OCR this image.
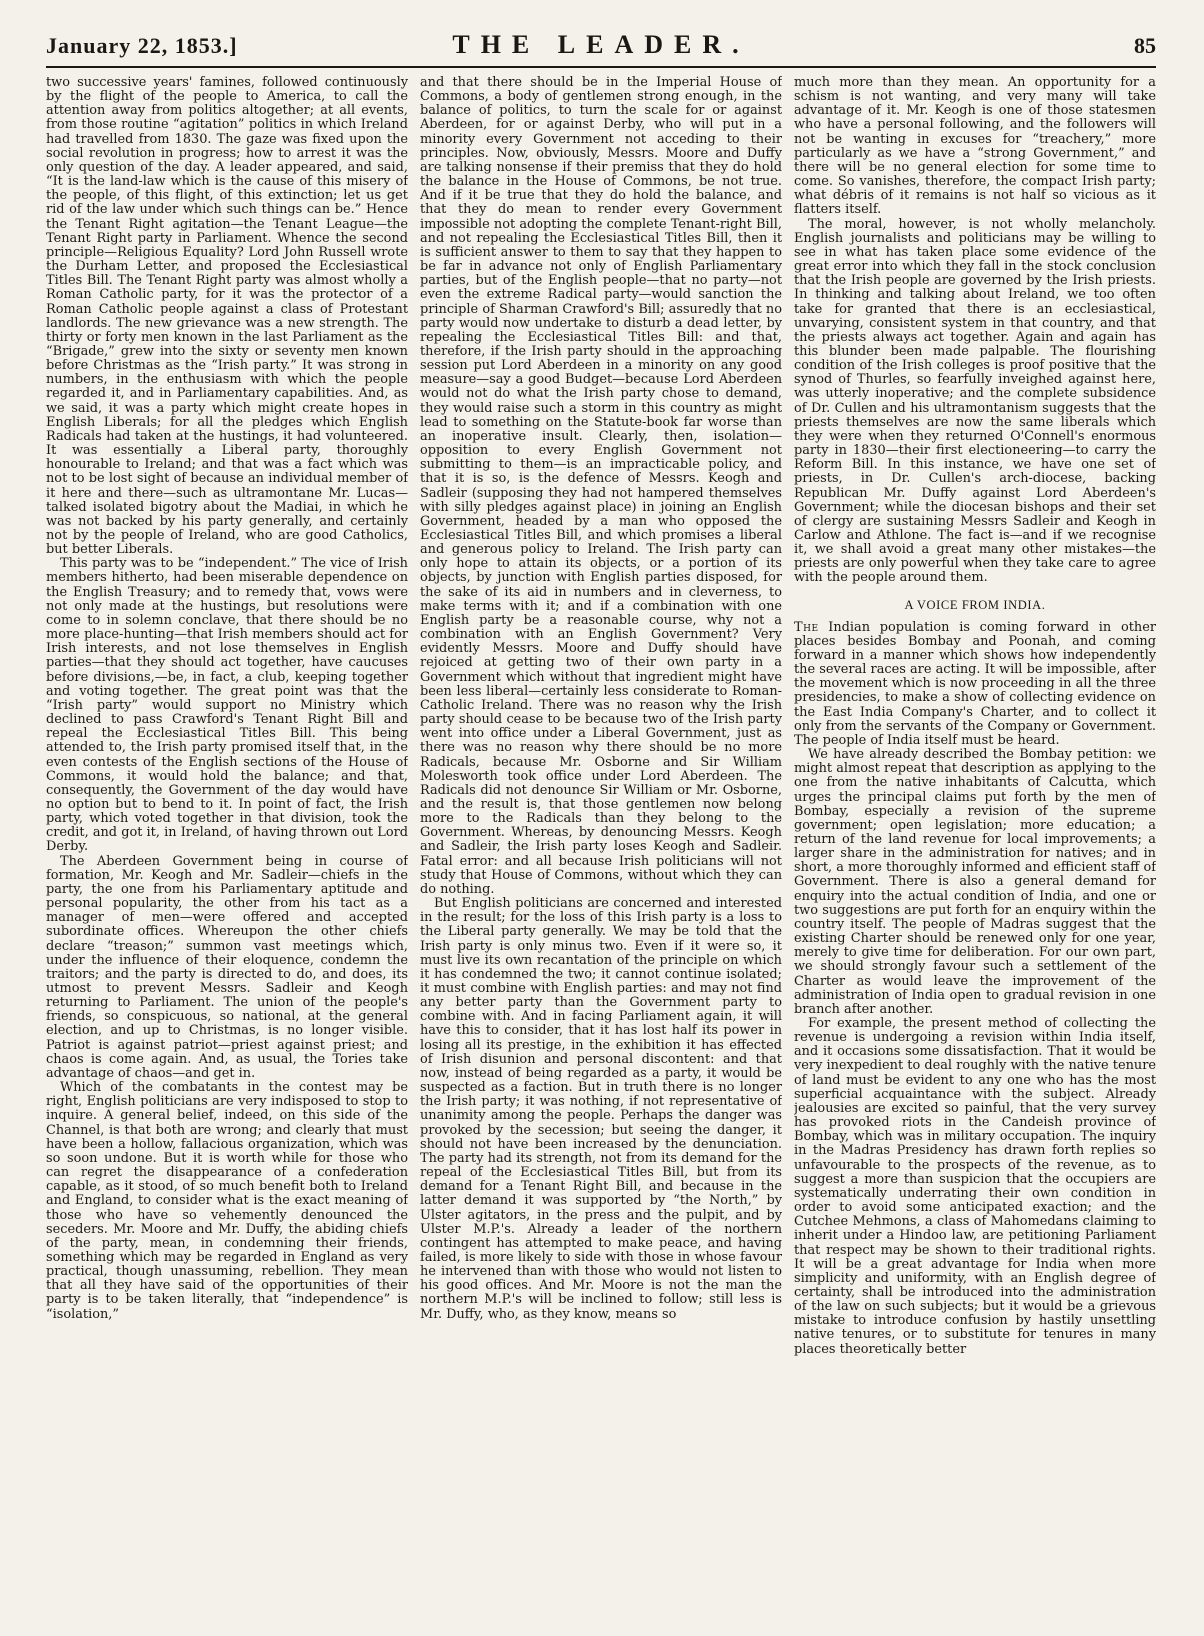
January 22, 1853.]	THE LEADER.	85

two successive years' famines, followed continuously by the flight of the people to America, to call the attention away from politics altogether; at all events, from those routine “agitation” politics in which Ireland had travelled from 1830. The gaze was fixed upon the social revolution in progress; how to arrest it was the only question of the day. A leader appeared, and said, “It is the land-law which is the cause of this misery of the people, of this flight, of this extinction; let us get rid of the law under which such things can be.” Hence the Tenant Right agitation—the Tenant League—the Tenant Right party in Parliament. Whence the second principle—Religious Equality? Lord John Russell wrote the Durham Letter, and proposed the Ecclesiastical Titles Bill. The Tenant Right party was almost wholly a Roman Catholic party, for it was the protector of a Roman Catholic people against a class of Protestant landlords. The new grievance was a new strength. The thirty or forty men known in the last Parliament as the “Brigade,” grew into the sixty or seventy men known before Christmas as the “Irish party.” It was strong in numbers, in the enthusiasm with which the people regarded it, and in Parliamentary capabilities. And, as we said, it was a party which might create hopes in English Liberals; for all the pledges which English Radicals had taken at the hustings, it had volunteered. It was essentially a Liberal party, thoroughly honourable to Ireland; and that was a fact which was not to be lost sight of because an individual member of it here and there—such as ultramontane Mr. Lucas—talked isolated bigotry about the Madiai, in which he was not backed by his party generally, and certainly not by the people of Ireland, who are good Catholics, but better Liberals.

This party was to be “independent.” The vice of Irish members hitherto, had been miserable dependence on the English Treasury; and to remedy that, vows were not only made at the hustings, but resolutions were come to in solemn conclave, that there should be no more place-hunting—that Irish members should act for Irish interests, and not lose themselves in English parties—that they should act together, have caucuses before divisions,—be, in fact, a club, keeping together and voting together. The great point was that the “Irish party” would support no Ministry which declined to pass Crawford's Tenant Right Bill and repeal the Ecclesiastical Titles Bill. This being attended to, the Irish party promised itself that, in the even contests of the English sections of the House of Commons, it would hold the balance; and that, consequently, the Government of the day would have no option but to bend to it. In point of fact, the Irish party, which voted together in that division, took the credit, and got it, in Ireland, of having thrown out Lord Derby.

The Aberdeen Government being in course of formation, Mr. Keogh and Mr. Sadleir—chiefs in the party, the one from his Parliamentary aptitude and personal popularity, the other from his tact as a manager of men—were offered and accepted subordinate offices. Whereupon the other chiefs declare “treason;” summon vast meetings which, under the influence of their eloquence, condemn the traitors; and the party is directed to do, and does, its utmost to prevent Messrs. Sadleir and Keogh returning to Parliament. The union of the people's friends, so conspicuous, so national, at the general election, and up to Christmas, is no longer visible. Patriot is against patriot—priest against priest; and chaos is come again. And, as usual, the Tories take advantage of chaos—and get in.

Which of the combatants in the contest may be right, English politicians are very indisposed to stop to inquire. A general belief, indeed, on this side of the Channel, is that both are wrong; and clearly that must have been a hollow, fallacious organization, which was so soon undone. But it is worth while for those who can regret the disappearance of a confederation capable, as it stood, of so much benefit both to Ireland and England, to consider what is the exact meaning of those who have so vehemently denounced the seceders. Mr. Moore and Mr. Duffy, the abiding chiefs of the party, mean, in condemning their friends, something which may be regarded in England as very practical, though unassuming, rebellion. They mean that all they have said of the opportunities of their party is to be taken literally, that “independence” is “isolation,”

and that there should be in the Imperial House of Commons, a body of gentlemen strong enough, in the balance of politics, to turn the scale for or against Aberdeen, for or against Derby, who will put in a minority every Government not acceding to their principles. Now, obviously, Messrs. Moore and Duffy are talking nonsense if their premiss that they do hold the balance in the House of Commons, be not true. And if it be true that they do hold the balance, and that they do mean to render every Government impossible not adopting the complete Tenant-right Bill, and not repealing the Ecclesiastical Titles Bill, then it is sufficient answer to them to say that they happen to be far in advance not only of English Parliamentary parties, but of the English people—that no party—not even the extreme Radical party—would sanction the principle of Sharman Crawford's Bill; assuredly that no party would now undertake to disturb a dead letter, by repealing the Ecclesiastical Titles Bill: and that, therefore, if the Irish party should in the approaching session put Lord Aberdeen in a minority on any good measure—say a good Budget—because Lord Aberdeen would not do what the Irish party chose to demand, they would raise such a storm in this country as might lead to something on the Statute-book far worse than an inoperative insult. Clearly, then, isolation—opposition to every English Government not submitting to them—is an impracticable policy, and that it is so, is the defence of Messrs. Keogh and Sadleir (supposing they had not hampered themselves with silly pledges against place) in joining an English Government, headed by a man who opposed the Ecclesiastical Titles Bill, and which promises a liberal and generous policy to Ireland. The Irish party can only hope to attain its objects, or a portion of its objects, by junction with English parties disposed, for the sake of its aid in numbers and in cleverness, to make terms with it; and if a combination with one English party be a reasonable course, why not a combination with an English Government? Very evidently Messrs. Moore and Duffy should have rejoiced at getting two of their own party in a Government which without that ingredient might have been less liberal—certainly less considerate to Roman-Catholic Ireland. There was no reason why the Irish party should cease to be because two of the Irish party went into office under a Liberal Government, just as there was no reason why there should be no more Radicals, because Mr. Osborne and Sir William Molesworth took office under Lord Aberdeen. The Radicals did not denounce Sir William or Mr. Osborne, and the result is, that those gentlemen now belong more to the Radicals than they belong to the Government. Whereas, by denouncing Messrs. Keogh and Sadleir, the Irish party loses Keogh and Sadleir. Fatal error: and all because Irish politicians will not study that House of Commons, without which they can do nothing.

But English politicians are concerned and interested in the result; for the loss of this Irish party is a loss to the Liberal party generally. We may be told that the Irish party is only minus two. Even if it were so, it must live its own recantation of the principle on which it has condemned the two; it cannot continue isolated; it must combine with English parties: and may not find any better party than the Government party to combine with. And in facing Parliament again, it will have this to consider, that it has lost half its power in losing all its prestige, in the exhibition it has effected of Irish disunion and personal discontent: and that now, instead of being regarded as a party, it would be suspected as a faction. But in truth there is no longer the Irish party; it was nothing, if not representative of unanimity among the people. Perhaps the danger was provoked by the secession; but seeing the danger, it should not have been increased by the denunciation. The party had its strength, not from its demand for the repeal of the Ecclesiastical Titles Bill, but from its demand for a Tenant Right Bill, and because in the latter demand it was supported by “the North,” by Ulster agitators, in the press and the pulpit, and by Ulster M.P.'s. Already a leader of the northern contingent has attempted to make peace, and having failed, is more likely to side with those in whose favour he intervened than with those who would not listen to his good offices. And Mr. Moore is not the man the northern M.P.'s will be inclined to follow; still less is Mr. Duffy, who, as they know, means so

much more than they mean. An opportunity for a schism is not wanting, and very many will take advantage of it. Mr. Keogh is one of those statesmen who have a personal following, and the followers will not be wanting in excuses for “treachery,” more particularly as we have a “strong Government,” and there will be no general election for some time to come. So vanishes, therefore, the compact Irish party; what débris of it remains is not half so vicious as it flatters itself.

The moral, however, is not wholly melancholy. English journalists and politicians may be willing to see in what has taken place some evidence of the great error into which they fall in the stock conclusion that the Irish people are governed by the Irish priests. In thinking and talking about Ireland, we too often take for granted that there is an ecclesiastical, unvarying, consistent system in that country, and that the priests always act together. Again and again has this blunder been made palpable. The flourishing condition of the Irish colleges is proof positive that the synod of Thurles, so fearfully inveighed against here, was utterly inoperative; and the complete subsidence of Dr. Cullen and his ultramontanism suggests that the priests themselves are now the same liberals which they were when they returned O'Connell's enormous party in 1830—their first electioneering—to carry the Reform Bill. In this instance, we have one set of priests, in Dr. Cullen's arch-diocese, backing Republican Mr. Duffy against Lord Aberdeen's Government; while the diocesan bishops and their set of clergy are sustaining Messrs Sadleir and Keogh in Carlow and Athlone. The fact is—and if we recognise it, we shall avoid a great many other mistakes—the priests are only powerful when they take care to agree with the people around them.

A VOICE FROM INDIA.

The Indian population is coming forward in other places besides Bombay and Poonah, and coming forward in a manner which shows how independently the several races are acting. It will be impossible, after the movement which is now proceeding in all the three presidencies, to make a show of collecting evidence on the East India Company's Charter, and to collect it only from the servants of the Company or Government. The people of India itself must be heard.

We have already described the Bombay petition: we might almost repeat that description as applying to the one from the native inhabitants of Calcutta, which urges the principal claims put forth by the men of Bombay, especially a revision of the supreme government; open legislation; more education; a return of the land revenue for local improvements; a larger share in the administration for natives; and in short, a more thoroughly informed and efficient staff of Government. There is also a general demand for enquiry into the actual condition of India, and one or two suggestions are put forth for an enquiry within the country itself. The people of Madras suggest that the existing Charter should be renewed only for one year, merely to give time for deliberation. For our own part, we should strongly favour such a settlement of the Charter as would leave the improvement of the administration of India open to gradual revision in one branch after another.

For example, the present method of collecting the revenue is undergoing a revision within India itself, and it occasions some dissatisfaction. That it would be very inexpedient to deal roughly with the native tenure of land must be evident to any one who has the most superficial acquaintance with the subject. Already jealousies are excited so painful, that the very survey has provoked riots in the Candeish province of Bombay, which was in military occupation. The inquiry in the Madras Presidency has drawn forth replies so unfavourable to the prospects of the revenue, as to suggest a more than suspicion that the occupiers are systematically underrating their own condition in order to avoid some anticipated exaction; and the Cutchee Mehmons, a class of Mahomedans claiming to inherit under a Hindoo law, are petitioning Parliament that respect may be shown to their traditional rights. It will be a great advantage for India when more simplicity and uniformity, with an English degree of certainty, shall be introduced into the administration of the law on such subjects; but it would be a grievous mistake to introduce confusion by hastily unsettling native tenures, or to substitute for tenures in many places theoretically better
